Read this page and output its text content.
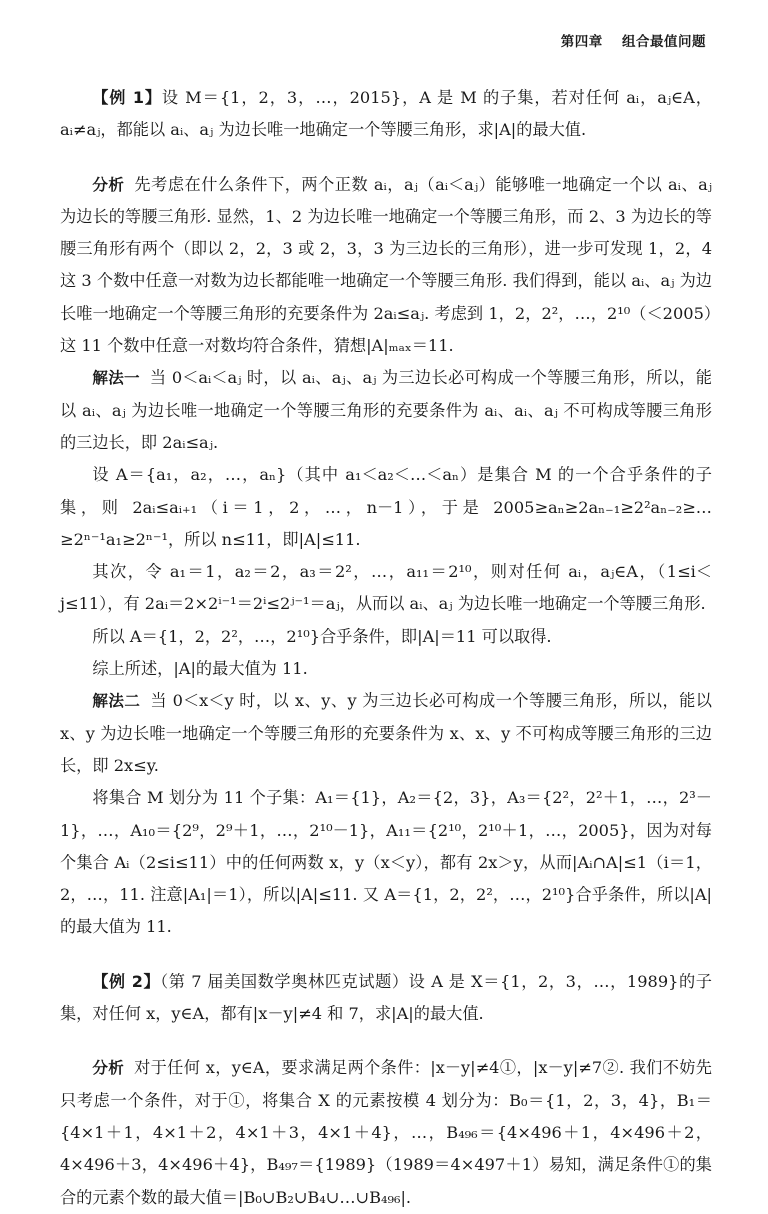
第四章 组合最值问题

【例 1】设 M＝{1，2，3，…，2015}，A 是 M 的子集，若对任何 aᵢ，aⱼ∈A，aᵢ≠aⱼ，都能以 aᵢ、aⱼ 为边长唯一地确定一个等腰三角形，求|A|的最大值.

分析 先考虑在什么条件下，两个正数 aᵢ，aⱼ（aᵢ＜aⱼ）能够唯一地确定一个以 aᵢ、aⱼ 为边长的等腰三角形. 显然，1、2 为边长唯一地确定一个等腰三角形，而 2、3 为边长的等腰三角形有两个（即以 2，2，3 或 2，3，3 为三边长的三角形），进一步可发现 1，2，4 这 3 个数中任意一对数为边长都能唯一地确定一个等腰三角形. 我们得到，能以 aᵢ、aⱼ 为边长唯一地确定一个等腰三角形的充要条件为 2aᵢ≤aⱼ. 考虑到 1，2，2²，…，2¹⁰（＜2005）这 11 个数中任意一对数均符合条件，猜想|A|ₘₐₓ＝11.

解法一 当 0＜aᵢ＜aⱼ 时，以 aᵢ、aⱼ、aⱼ 为三边长必可构成一个等腰三角形，所以，能以 aᵢ、aⱼ 为边长唯一地确定一个等腰三角形的充要条件为 aᵢ、aᵢ、aⱼ 不可构成等腰三角形的三边长，即 2aᵢ≤aⱼ.

设 A＝{a₁，a₂，…，aₙ}（其中 a₁＜a₂＜…＜aₙ）是集合 M 的一个合乎条件的子集，则 2aᵢ≤aᵢ₊₁（i＝1，2，…，n－1），于是 2005≥aₙ≥2aₙ₋₁≥2²aₙ₋₂≥…≥2ⁿ⁻¹a₁≥2ⁿ⁻¹，所以 n≤11，即|A|≤11.

其次，令 a₁＝1，a₂＝2，a₃＝2²，…，a₁₁＝2¹⁰，则对任何 aᵢ，aⱼ∈A，（1≤i＜j≤11），有 2aᵢ＝2×2ⁱ⁻¹＝2ⁱ≤2ʲ⁻¹＝aⱼ，从而以 aᵢ、aⱼ 为边长唯一地确定一个等腰三角形.

所以 A＝{1，2，2²，…，2¹⁰}合乎条件，即|A|＝11 可以取得.

综上所述，|A|的最大值为 11.

解法二 当 0＜x＜y 时，以 x、y、y 为三边长必可构成一个等腰三角形，所以，能以 x、y 为边长唯一地确定一个等腰三角形的充要条件为 x、x、y 不可构成等腰三角形的三边长，即 2x≤y.

将集合 M 划分为 11 个子集：A₁＝{1}，A₂＝{2，3}，A₃＝{2²，2²＋1，…，2³－1}，…，A₁₀＝{2⁹，2⁹＋1，…，2¹⁰－1}，A₁₁＝{2¹⁰，2¹⁰＋1，…，2005}，因为对每个集合 Aᵢ（2≤i≤11）中的任何两数 x，y（x＜y），都有 2x＞y，从而|Aᵢ∩A|≤1（i＝1，2，…，11. 注意|A₁|＝1），所以|A|≤11. 又 A＝{1，2，2²，…，2¹⁰}合乎条件，所以|A|的最大值为 11.

【例 2】（第 7 届美国数学奥林匹克试题）设 A 是 X＝{1，2，3，…，1989}的子集，对任何 x，y∈A，都有|x－y|≠4 和 7，求|A|的最大值.

分析 对于任何 x，y∈A，要求满足两个条件：|x－y|≠4①，|x－y|≠7②. 我们不妨先只考虑一个条件，对于①，将集合 X 的元素按模 4 划分为：B₀＝{1，2，3，4}，B₁＝{4×1＋1，4×1＋2，4×1＋3，4×1＋4}，…，B₄₉₆＝{4×496＋1，4×496＋2，4×496＋3，4×496＋4}，B₄₉₇＝{1989}（1989＝4×497＋1）易知，满足条件①的集合的元素个数的最大值＝|B₀∪B₂∪B₄∪…∪B₄₉₆|.
